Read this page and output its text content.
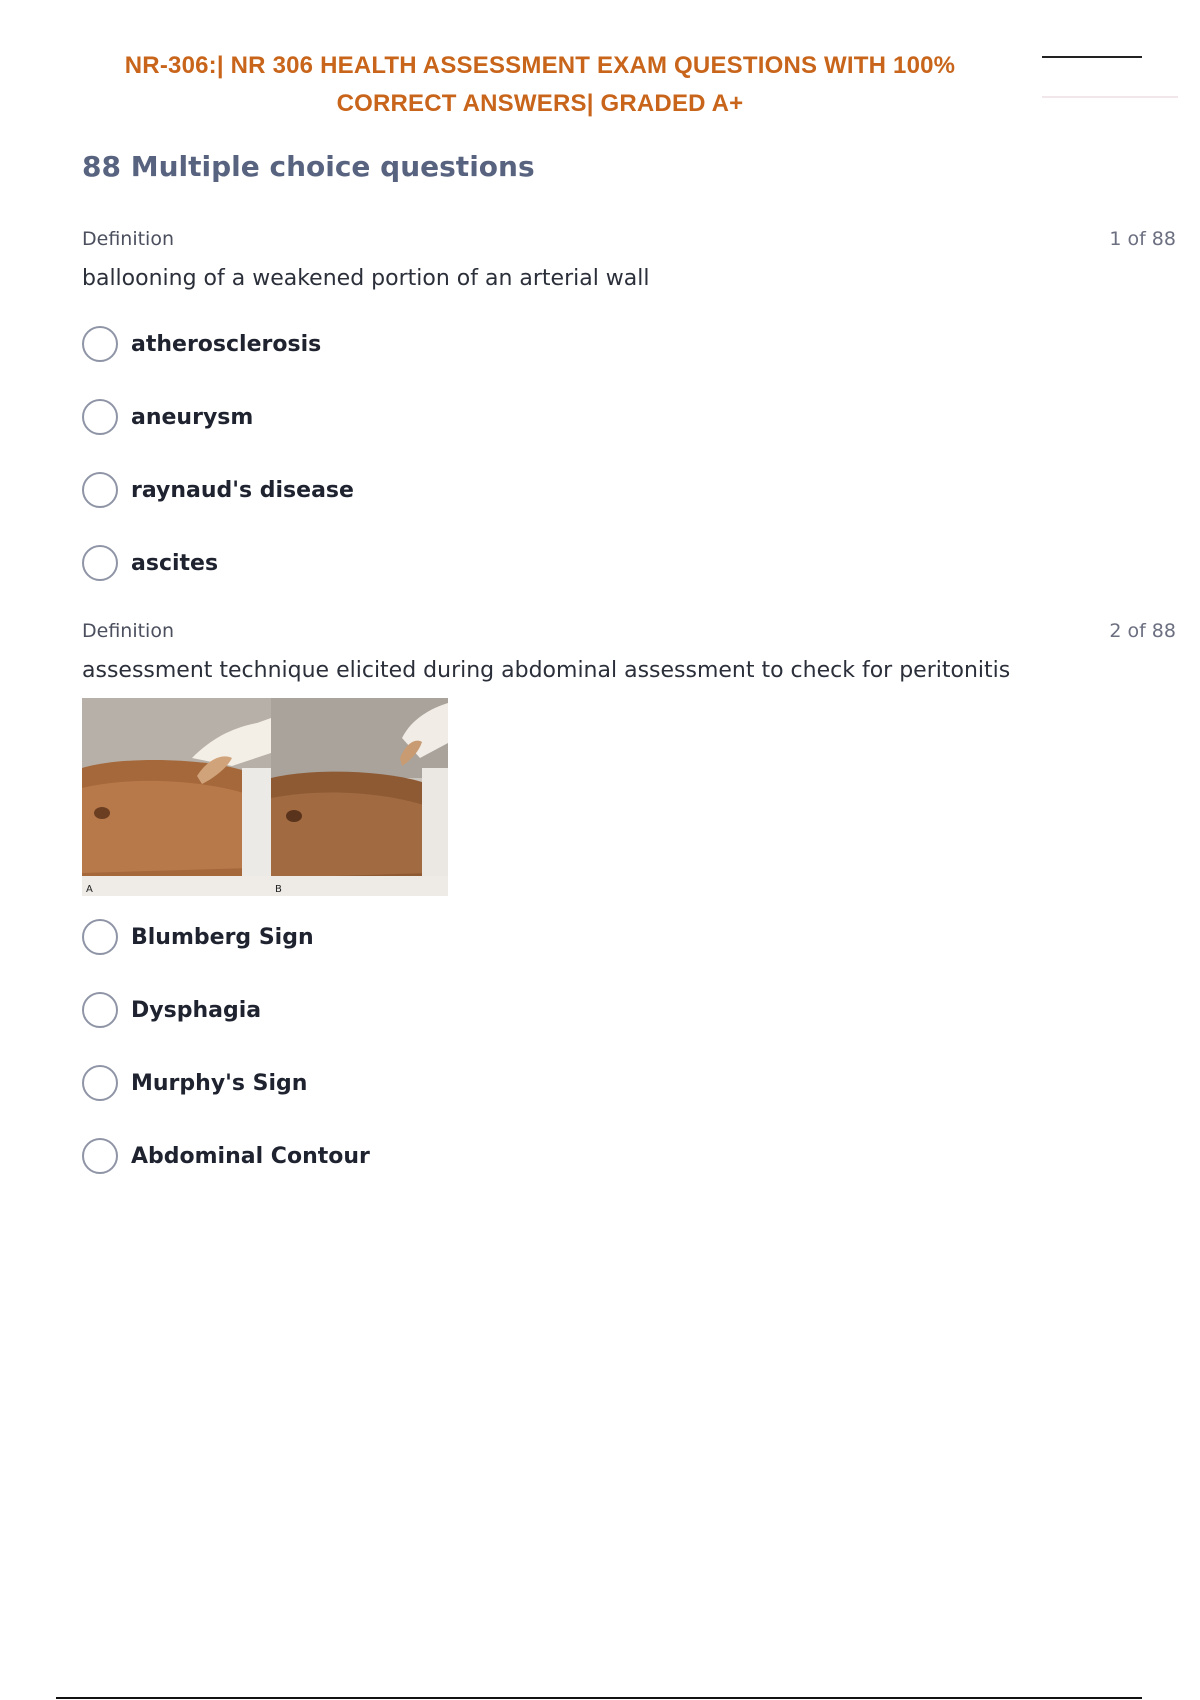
NR-306:| NR 306 HEALTH ASSESSMENT EXAM QUESTIONS WITH 100%
CORRECT ANSWERS| GRADED A+
88 Multiple choice questions
Definition	1 of 88
ballooning of a weakened portion of an arterial wall
atherosclerosis
aneurysm
raynaud's disease
ascites
Definition	2 of 88
assessment technique elicited during abdominal assessment to check for peritonitis
A	B
Blumberg Sign
Dysphagia
Murphy's Sign
Abdominal Contour
